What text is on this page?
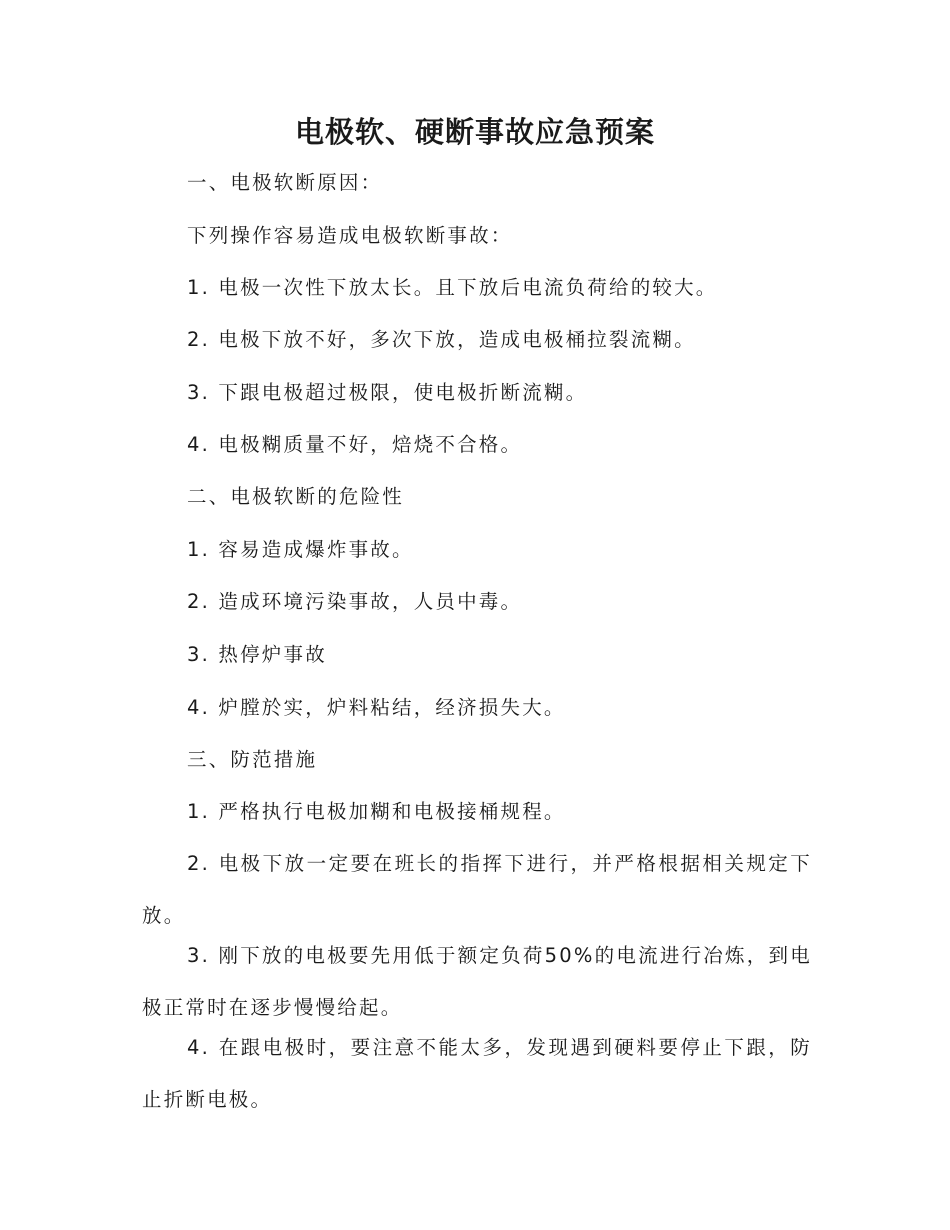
电极软、硬断事故应急预案
一、电极软断原因：
下列操作容易造成电极软断事故：
1. 电极一次性下放太长。且下放后电流负荷给的较大。
2. 电极下放不好，多次下放，造成电极桶拉裂流糊。
3. 下跟电极超过极限，使电极折断流糊。
4. 电极糊质量不好，焙烧不合格。
二、电极软断的危险性
1. 容易造成爆炸事故。
2. 造成环境污染事故，人员中毒。
3. 热停炉事故
4. 炉膛於实，炉料粘结，经济损失大。
三、防范措施
1. 严格执行电极加糊和电极接桶规程。
2. 电极下放一定要在班长的指挥下进行，并严格根据相关规定下放。
3. 刚下放的电极要先用低于额定负荷50%的电流进行冶炼，到电极正常时在逐步慢慢给起。
4. 在跟电极时，要注意不能太多，发现遇到硬料要停止下跟，防止折断电极。
